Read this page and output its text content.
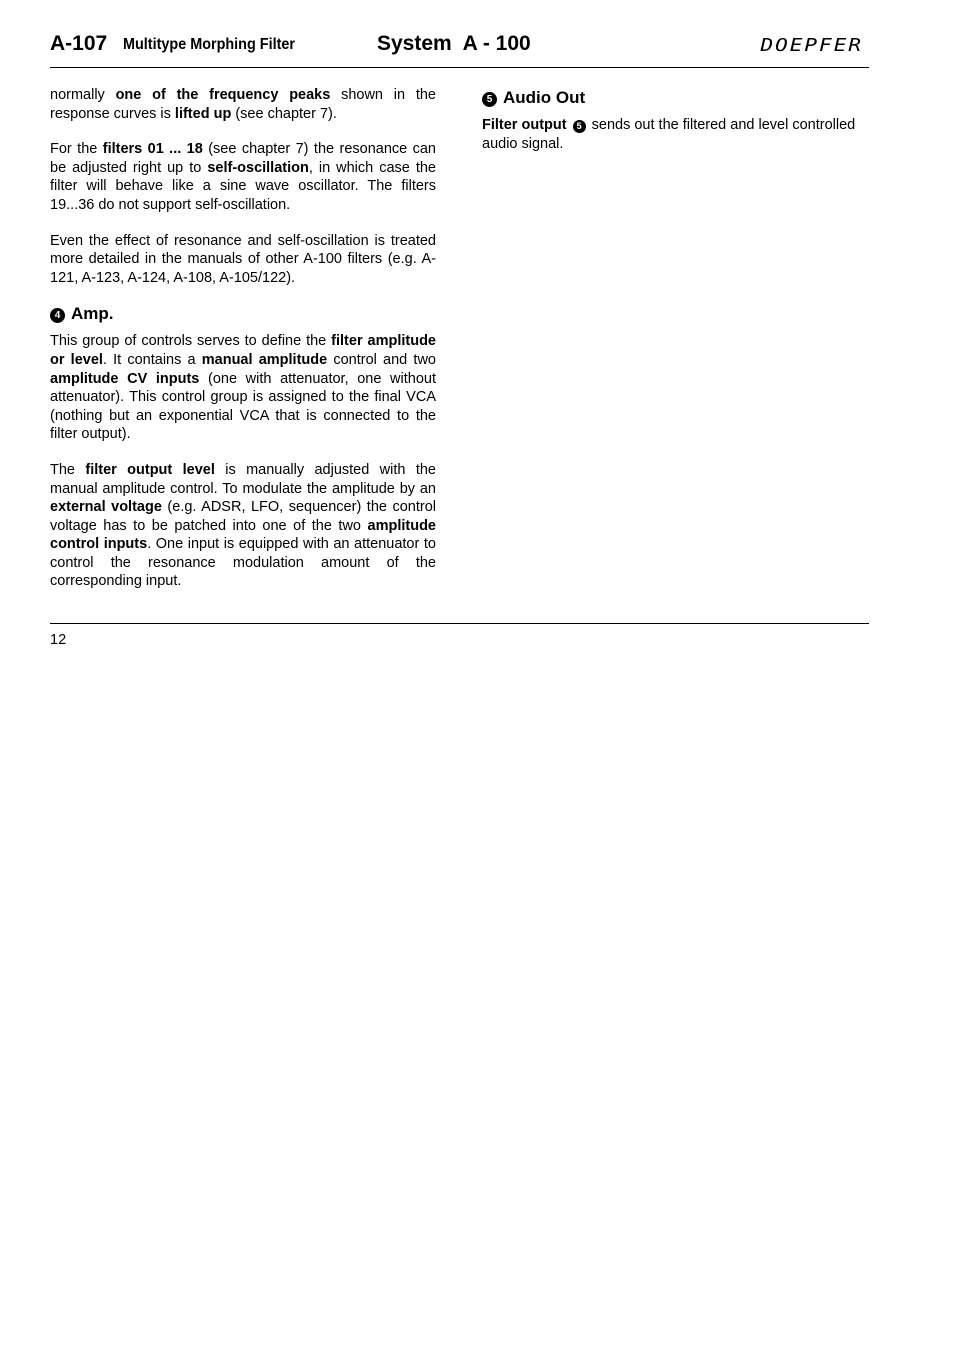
A-107 Multitype Morphing Filter	System  A - 100	DOEPFER

normally one of the frequency peaks shown in the response curves is lifted up (see chapter 7).

For the filters 01 ... 18 (see chapter 7) the resonance can be adjusted right up to self-oscillation, in which case the filter will behave like a sine wave oscillator. The filters 19...36 do not support self-oscillation.

Even the effect of resonance and self-oscillation is treated more detailed in the manuals of other A-100 filters (e.g. A-121, A-123, A-124, A-108, A-105/122).

4 Amp.

This group of controls serves to define the filter amplitude or level. It contains a manual amplitude control and two amplitude CV inputs (one with attenuator, one without attenuator). This control group is assigned to the final VCA (nothing but an exponential VCA that is connected to the filter output).

The filter output level is manually adjusted with the manual amplitude control. To modulate the amplitude by an external voltage (e.g. ADSR, LFO, sequencer) the control voltage has to be patched into one of the two amplitude control inputs. One input is equipped with an attenuator to control the resonance modulation amount of the corresponding input.

5 Audio Out

Filter output 5 sends out the filtered and level controlled audio signal.

12
